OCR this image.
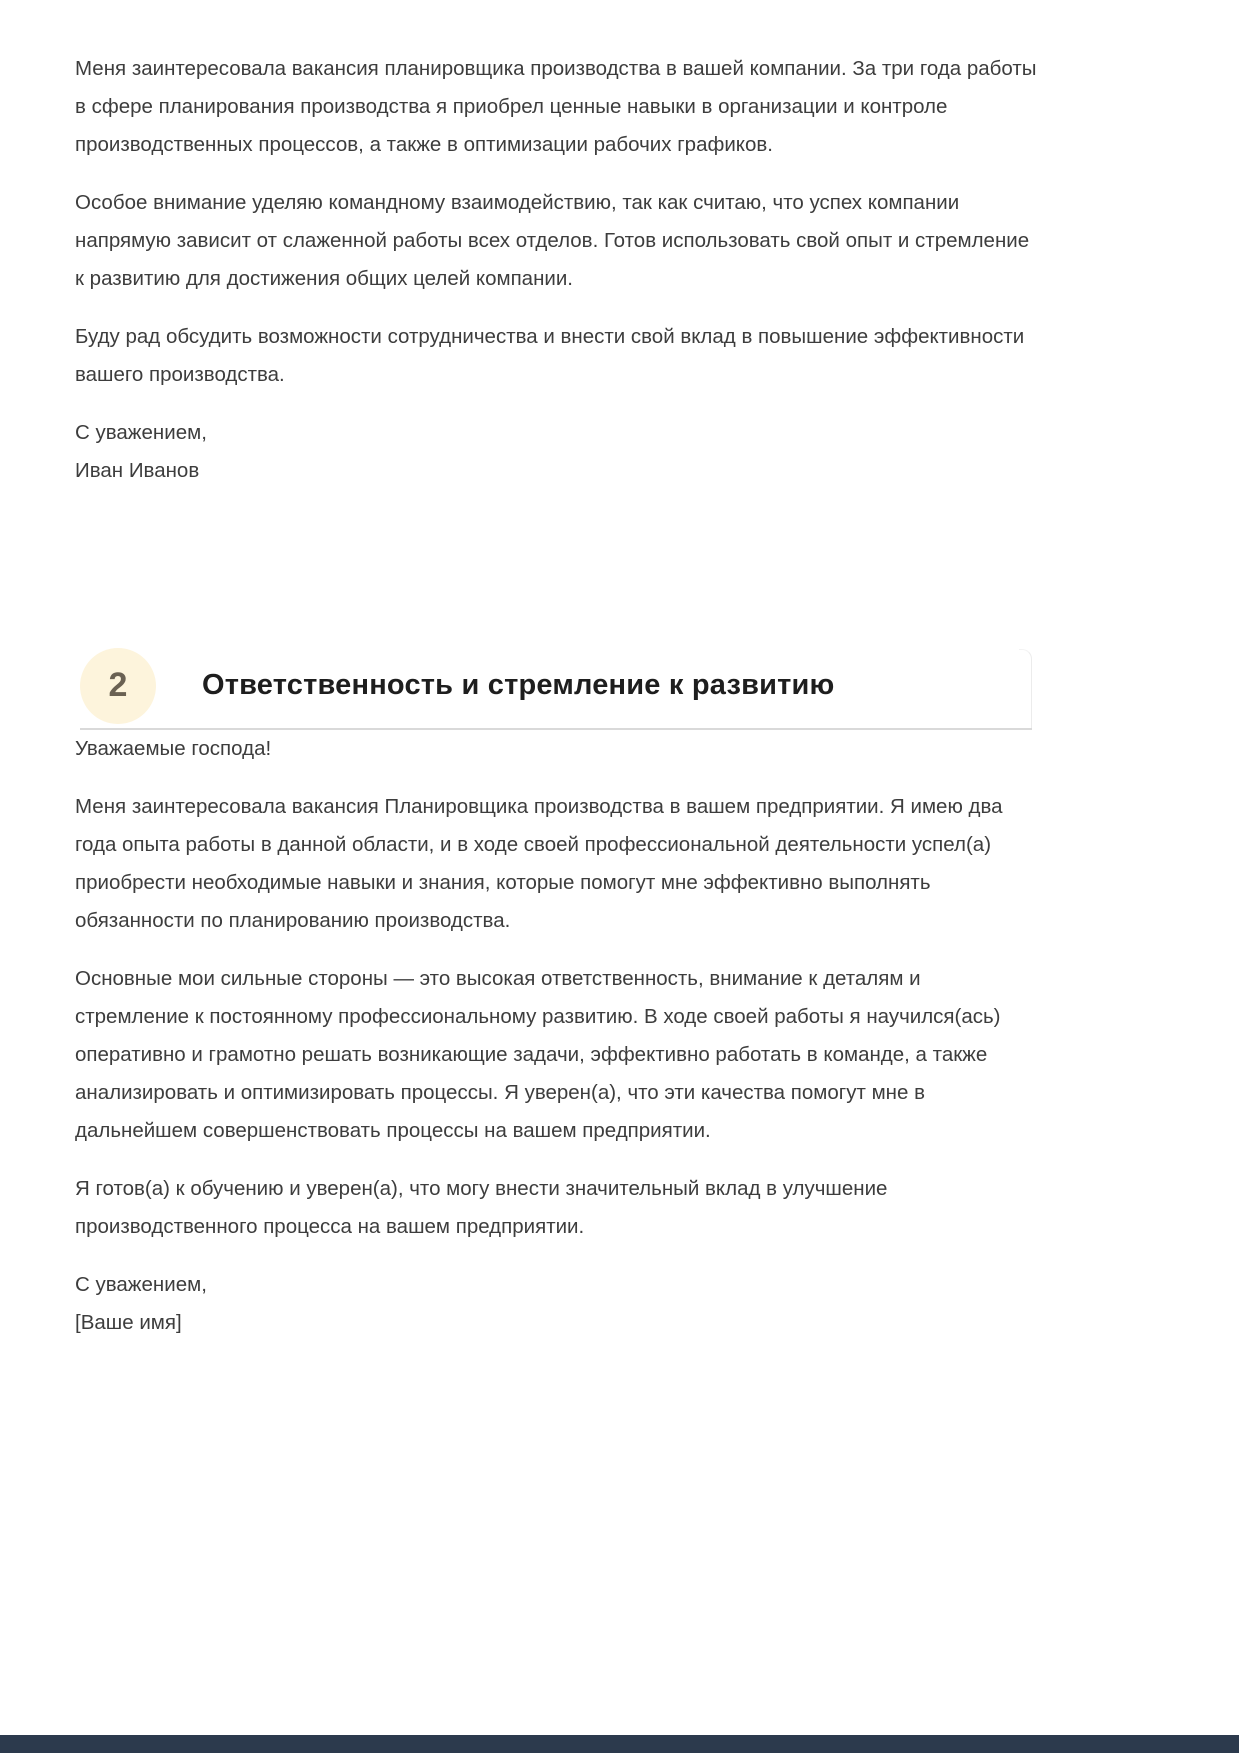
Меня заинтересовала вакансия планировщика производства в вашей компании. За три года работы в сфере планирования производства я приобрел ценные навыки в организации и контроле производственных процессов, а также в оптимизации рабочих графиков.

Особое внимание уделяю командному взаимодействию, так как считаю, что успех компании напрямую зависит от слаженной работы всех отделов. Готов использовать свой опыт и стремление к развитию для достижения общих целей компании.

Буду рад обсудить возможности сотрудничества и внести свой вклад в повышение эффективности вашего производства.

С уважением,
Иван Иванов
2	Ответственность и стремление к развитию

Уважаемые господа!

Меня заинтересовала вакансия Планировщика производства в вашем предприятии. Я имею два года опыта работы в данной области, и в ходе своей профессиональной деятельности успел(а) приобрести необходимые навыки и знания, которые помогут мне эффективно выполнять обязанности по планированию производства.

Основные мои сильные стороны — это высокая ответственность, внимание к деталям и стремление к постоянному профессиональному развитию. В ходе своей работы я научился(ась) оперативно и грамотно решать возникающие задачи, эффективно работать в команде, а также анализировать и оптимизировать процессы. Я уверен(а), что эти качества помогут мне в дальнейшем совершенствовать процессы на вашем предприятии.

Я готов(а) к обучению и уверен(а), что могу внести значительный вклад в улучшение производственного процесса на вашем предприятии.

С уважением,
[Ваше имя]
